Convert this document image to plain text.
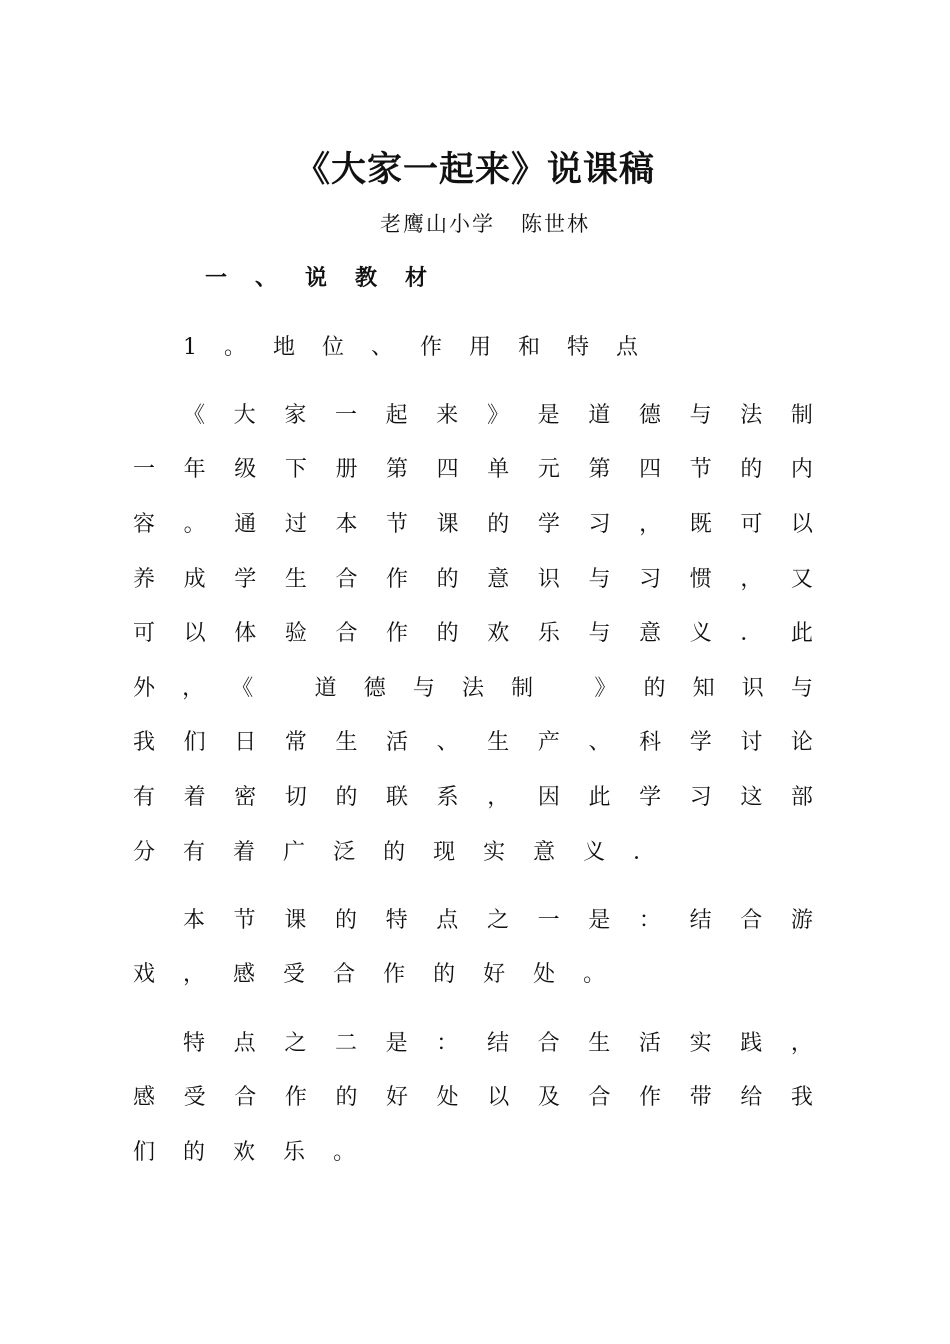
《大家一起来》说课稿
老鹰山小学   陈世林
一、说教材
1。地位、作用和特点
《 大 家 一 起 来 》 是 道 德 与 法 制
一 年 级 下 册 第 四 单 元 第 四 节 的 内
容 。 通 过 本 节 课 的 学 习 ， 既 可 以
养 成 学 生 合 作 的 意 识 与 习 惯 ， 又
可 以 体 验 合 作 的 欢 乐 与 意 义 ． 此
外 ， 《
	道 德 与 法 制
	》 的 知 识 与
我 们 日 常 生 活 、 生 产 、 科 学 讨 论
有 着 密 切 的 联 系 ， 因 此 学 习 这 部
分 有 着 广 泛 的 现 实 意 义 ．
本 节 课 的 特 点 之 一 是 ： 结 合 游
戏 ， 感 受 合 作 的 好 处 。
特 点 之 二 是 ： 结 合 生 活 实 践 ，
感 受 合 作 的 好 处 以 及 合 作 带 给 我
们 的 欢 乐 。
